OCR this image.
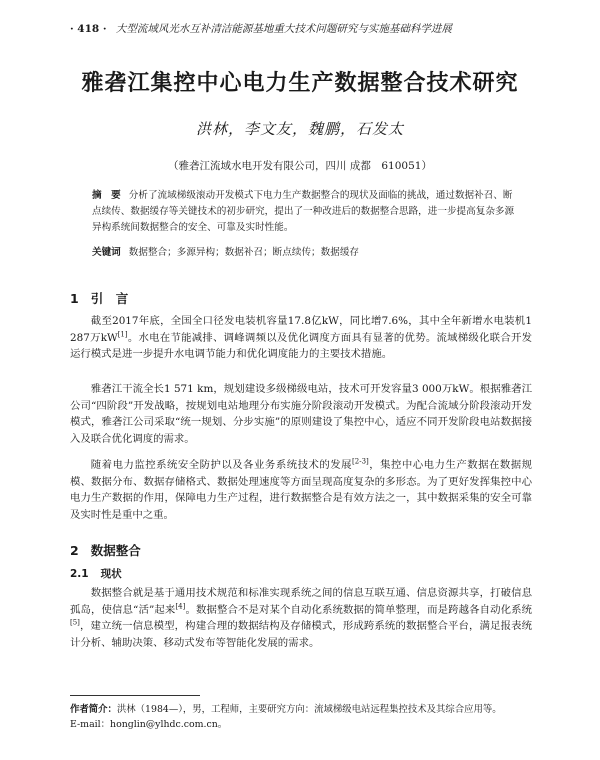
· 418 · 大型流域风光水互补清洁能源基地重大技术问题研究与实施基础科学进展
雅砻江集控中心电力生产数据整合技术研究
洪林，李文友，魏鹏，石发太
（雅砻江流域水电开发有限公司，四川 成都　610051）
摘　要 分析了流域梯级滚动开发模式下电力生产数据整合的现状及面临的挑战，通过数据补召、断点续传、数据缓存等关键技术的初步研究，提出了一种改进后的数据整合思路，进一步提高复杂多源异构系统间数据整合的安全、可靠及实时性能。
关键词 数据整合；多源异构；数据补召；断点续传；数据缓存
1 引　言
截至2017年底，全国全口径发电装机容量17.8亿kW，同比增7.6%，其中全年新增水电装机1 287万kW[1]。水电在节能减排、调峰调频以及优化调度方面具有显著的优势。流域梯级化联合开发运行模式是进一步提升水电调节能力和优化调度能力的主要技术措施。
雅砻江干流全长1 571 km，规划建设多级梯级电站，技术可开发容量3 000万kW。根据雅砻江公司“四阶段”开发战略，按规划电站地理分布实施分阶段滚动开发模式。为配合流域分阶段滚动开发模式，雅砻江公司采取“统一规划、分步实施”的原则建设了集控中心，适应不同开发阶段电站数据接入及联合优化调度的需求。
随着电力监控系统安全防护以及各业务系统技术的发展[2-3]，集控中心电力生产数据在数据规模、数据分布、数据存储格式、数据处理速度等方面呈现高度复杂的多形态。为了更好发挥集控中心电力生产数据的作用，保障电力生产过程，进行数据整合是有效方法之一，其中数据采集的安全可靠及实时性是重中之重。
2 数据整合
2.1 现状
数据整合就是基于通用技术规范和标准实现系统之间的信息互联互通、信息资源共享，打破信息孤岛，使信息“活”起来[4]。数据整合不是对某个自动化系统数据的简单整理，而是跨越各自动化系统[5]，建立统一信息模型，构建合理的数据结构及存储模式，形成跨系统的数据整合平台，满足报表统计分析、辅助决策、移动式发布等智能化发展的需求。
作者简介：洪林（1984—），男，工程师，主要研究方向：流域梯级电站远程集控技术及其综合应用等。
E-mail：honglin@ylhdc.com.cn。
